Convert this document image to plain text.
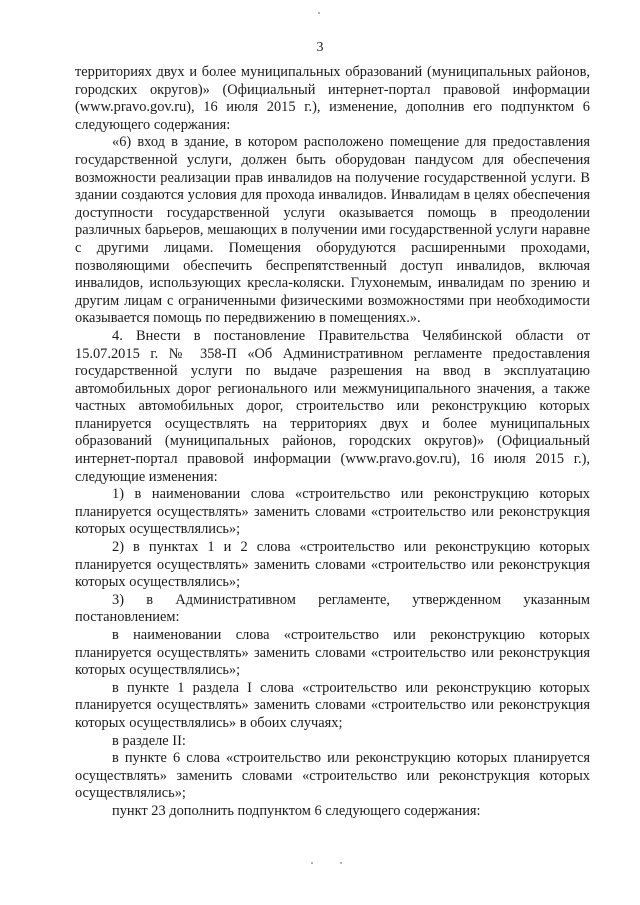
3

территориях двух и более муниципальных образований (муниципальных районов, городских округов)» (Официальный интернет-портал правовой информации (www.pravo.gov.ru), 16 июля 2015 г.), изменение, дополнив его подпунктом 6 следующего содержания:

«6) вход в здание, в котором расположено помещение для предоставления государственной услуги, должен быть оборудован пандусом для обеспечения возможности реализации прав инвалидов на получение государственной услуги. В здании создаются условия для прохода инвалидов. Инвалидам в целях обеспечения доступности государственной услуги оказывается помощь в преодолении различных барьеров, мешающих в получении ими государственной услуги наравне с другими лицами. Помещения оборудуются расширенными проходами, позволяющими обеспечить беспрепятственный доступ инвалидов, включая инвалидов, использующих кресла-коляски. Глухонемым, инвалидам по зрению и другим лицам с ограниченными физическими возможностями при необходимости оказывается помощь по передвижению в помещениях.».

4. Внести в постановление Правительства Челябинской области от 15.07.2015 г. № 358-П «Об Административном регламенте предоставления государственной услуги по выдаче разрешения на ввод в эксплуатацию автомобильных дорог регионального или межмуниципального значения, а также частных автомобильных дорог, строительство или реконструкцию которых планируется осуществлять на территориях двух и более муниципальных образований (муниципальных районов, городских округов)» (Официальный интернет-портал правовой информации (www.pravo.gov.ru), 16 июля 2015 г.), следующие изменения:

1) в наименовании слова «строительство или реконструкцию которых планируется осуществлять» заменить словами «строительство или реконструкция которых осуществлялись»;

2) в пунктах 1 и 2 слова «строительство или реконструкцию которых планируется осуществлять» заменить словами «строительство или реконструкция которых осуществлялись»;

3) в Административном регламенте, утвержденном указанным постановлением:

в наименовании слова «строительство или реконструкцию которых планируется осуществлять» заменить словами «строительство или реконструкция которых осуществлялись»;

в пункте 1 раздела I слова «строительство или реконструкцию которых планируется осуществлять» заменить словами «строительство или реконструкция которых осуществлялись» в обоих случаях;

в разделе II:

в пункте 6 слова «строительство или реконструкцию которых планируется осуществлять» заменить словами «строительство или реконструкция которых осуществлялись»;

пункт 23 дополнить подпунктом 6 следующего содержания:
